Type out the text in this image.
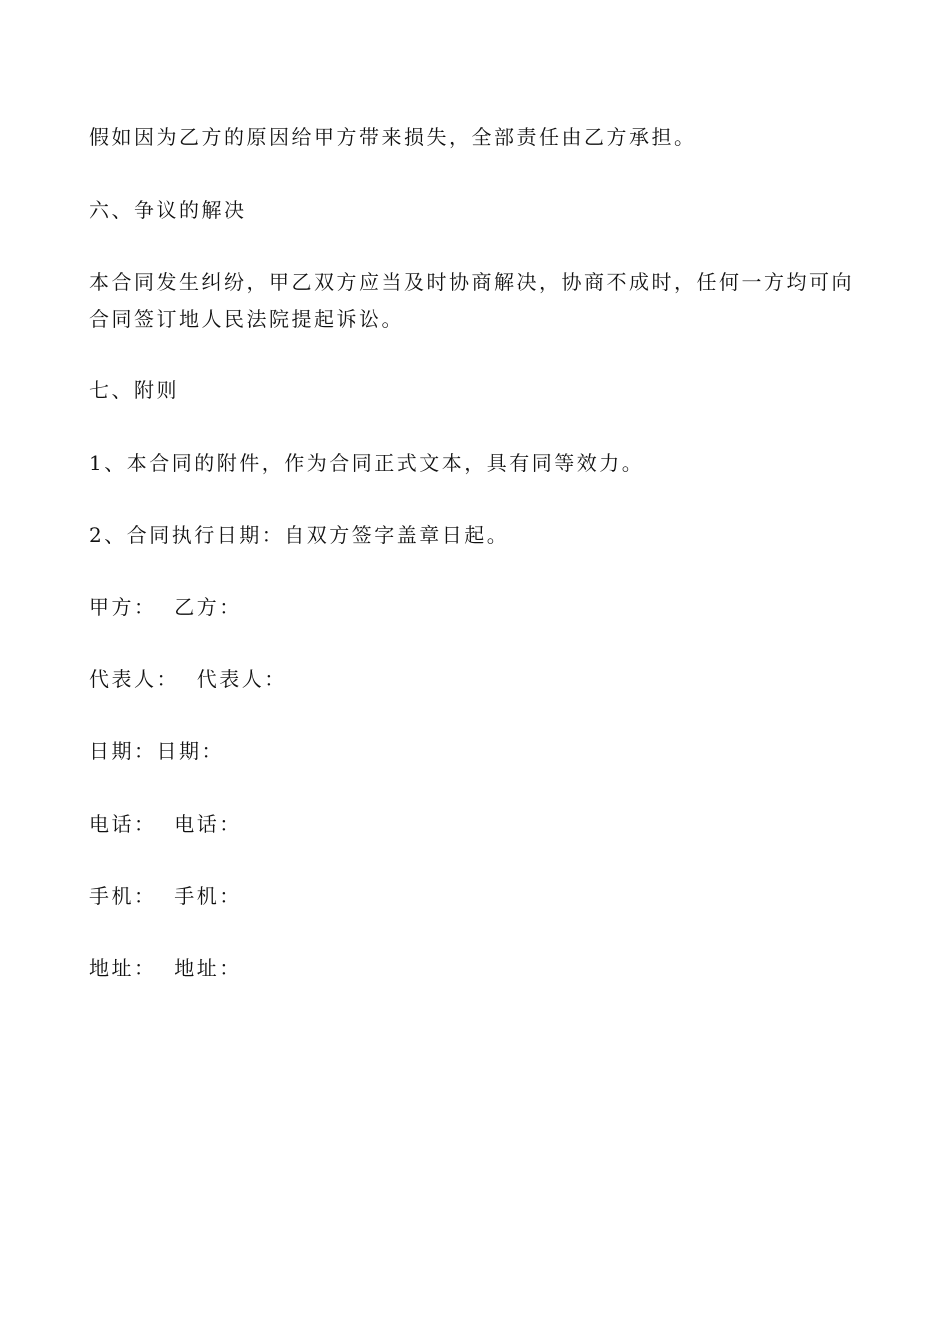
假如因为乙方的原因给甲方带来损失，全部责任由乙方承担。

六、争议的解决

本合同发生纠纷，甲乙双方应当及时协商解决，协商不成时，任何一方均可向

合同签订地人民法院提起诉讼。

七、附则

1、本合同的附件，作为合同正式文本，具有同等效力。

2、合同执行日期：自双方签字盖章日起。

甲方：  乙方：

代表人：  代表人：

日期：日期：

电话：  电话：

手机：  手机：

地址：  地址：
